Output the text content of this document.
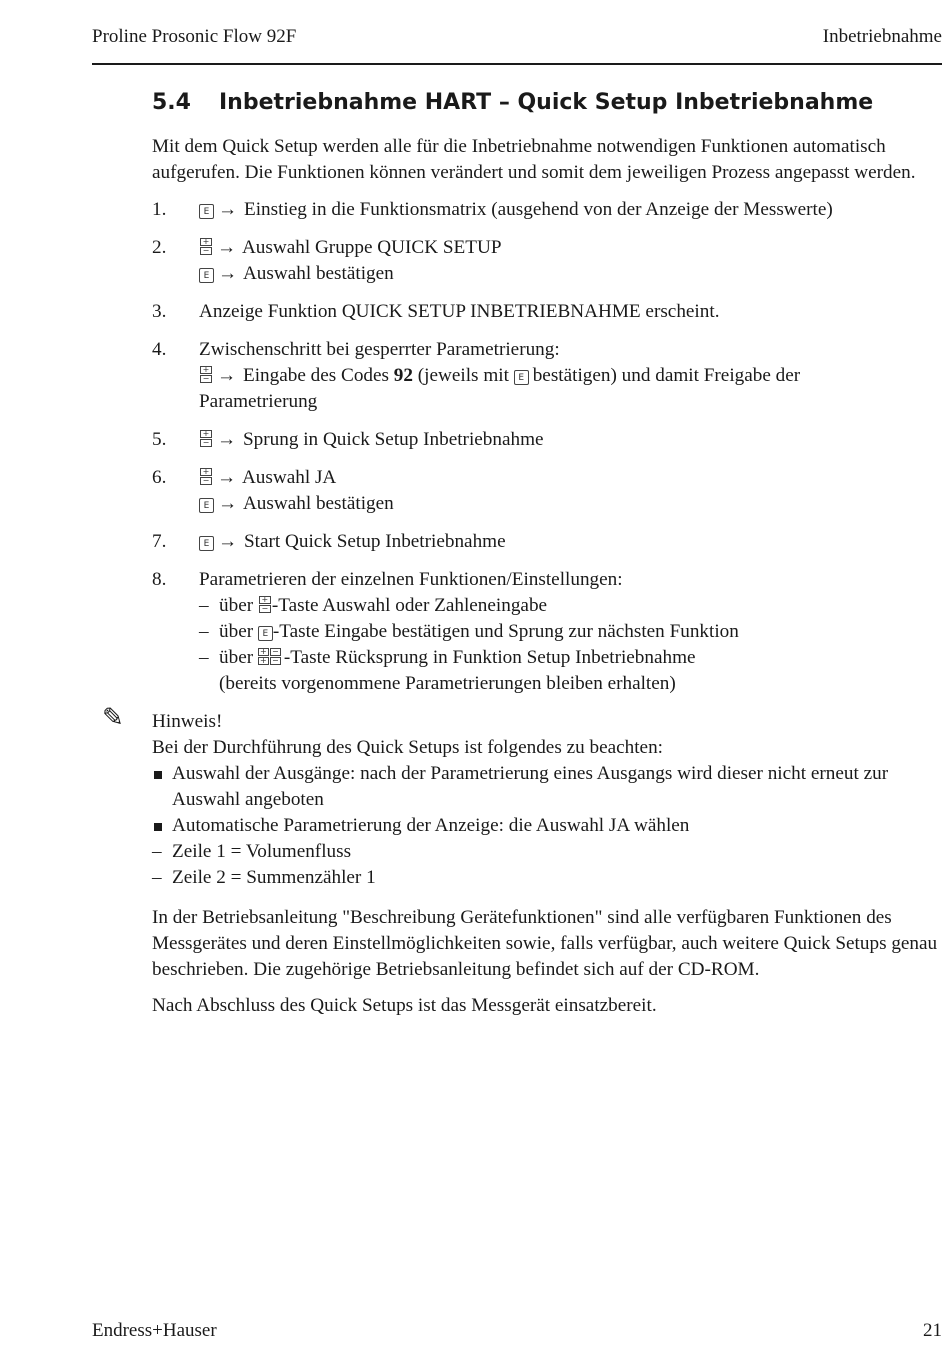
Proline Prosonic Flow 92F	Inbetriebnahme
5.4 Inbetriebnahme HART – Quick Setup Inbetriebnahme

Mit dem Quick Setup werden alle für die Inbetriebnahme notwendigen Funktionen automatisch aufgerufen. Die Funktionen können verändert und somit dem jeweiligen Prozess angepasst werden.

1.	E → Einstieg in die Funktionsmatrix (ausgehend von der Anzeige der Messwerte)
2.	+
− → Auswahl Gruppe QUICK SETUP
E → Auswahl bestätigen
3. Anzeige Funktion QUICK SETUP INBETRIEBNAHME erscheint.
4. Zwischenschritt bei gesperrter Parametrierung:
+
− → Eingabe des Codes 92 (jeweils mit E bestätigen) und damit Freigabe der
Parametrierung
5.	+
− → Sprung in Quick Setup Inbetriebnahme
6.	+
− → Auswahl JA
E → Auswahl bestätigen
7.	E → Start Quick Setup Inbetriebnahme
8. Parametrieren der einzelnen Funktionen/Einstellungen:
– über	+
− -Taste Auswahl oder Zahleneingabe
– über E -Taste Eingabe bestätigen und Sprung zur nächsten Funktion
– über + −
+ − -Taste Rücksprung in Funktion Setup Inbetriebnahme
(bereits vorgenommene Parametrierungen bleiben erhalten)
✎ Hinweis!

Bei der Durchführung des Quick Setups ist folgendes zu beachten:

Auswahl der Ausgänge: nach der Parametrierung eines Ausgangs wird dieser nicht erneut zur Auswahl angeboten
Automatische Parametrierung der Anzeige: die Auswahl JA wählen
– Zeile 1 = Volumenfluss
– Zeile 2 = Summenzähler 1

In der Betriebsanleitung "Beschreibung Gerätefunktionen" sind alle verfügbaren Funktionen des Messgerätes und deren Einstellmöglichkeiten sowie, falls verfügbar, auch weitere Quick Setups genau beschrieben. Die zugehörige Betriebsanleitung befindet sich auf der CD-ROM.

Nach Abschluss des Quick Setups ist das Messgerät einsatzbereit.

Endress+Hauser	21
